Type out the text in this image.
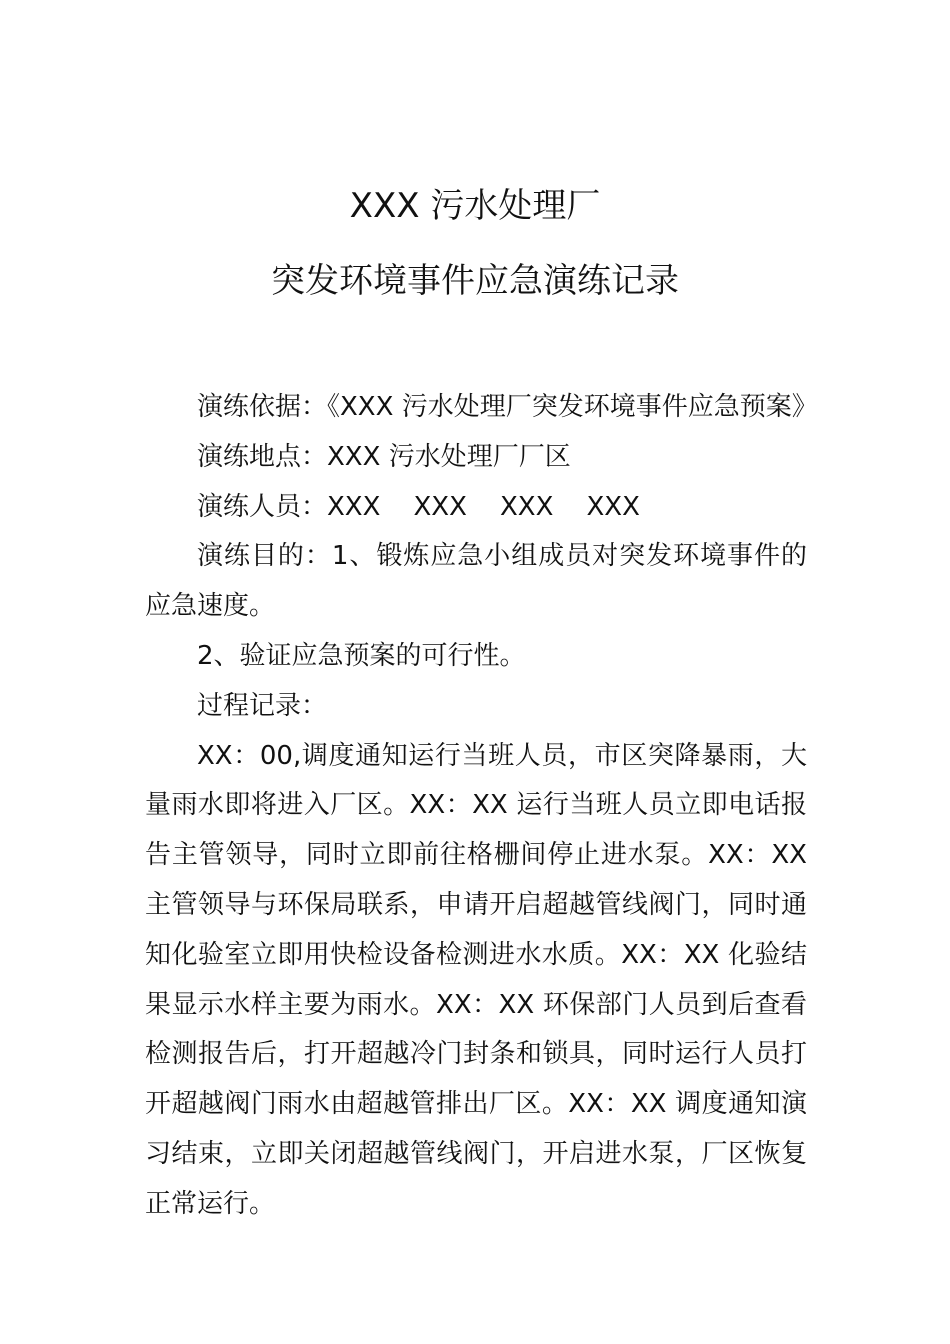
XXX 污水处理厂
突发环境事件应急演练记录

演练依据：《XXX 污水处理厂突发环境事件应急预案》

演练地点：XXX 污水处理厂厂区

演练人员：XXX    XXX    XXX    XXX

演练目的：1、锻炼应急小组成员对突发环境事件的应急速度。

2、验证应急预案的可行性。

过程记录：

XX：00,调度通知运行当班人员，市区突降暴雨，大量雨水即将进入厂区。XX：XX 运行当班人员立即电话报告主管领导，同时立即前往格栅间停止进水泵。XX：XX 主管领导与环保局联系，申请开启超越管线阀门，同时通知化验室立即用快检设备检测进水水质。XX：XX 化验结果显示水样主要为雨水。XX：XX 环保部门人员到后查看检测报告后，打开超越冷门封条和锁具，同时运行人员打开超越阀门雨水由超越管排出厂区。XX：XX 调度通知演习结束，立即关闭超越管线阀门，开启进水泵，厂区恢复正常运行。
